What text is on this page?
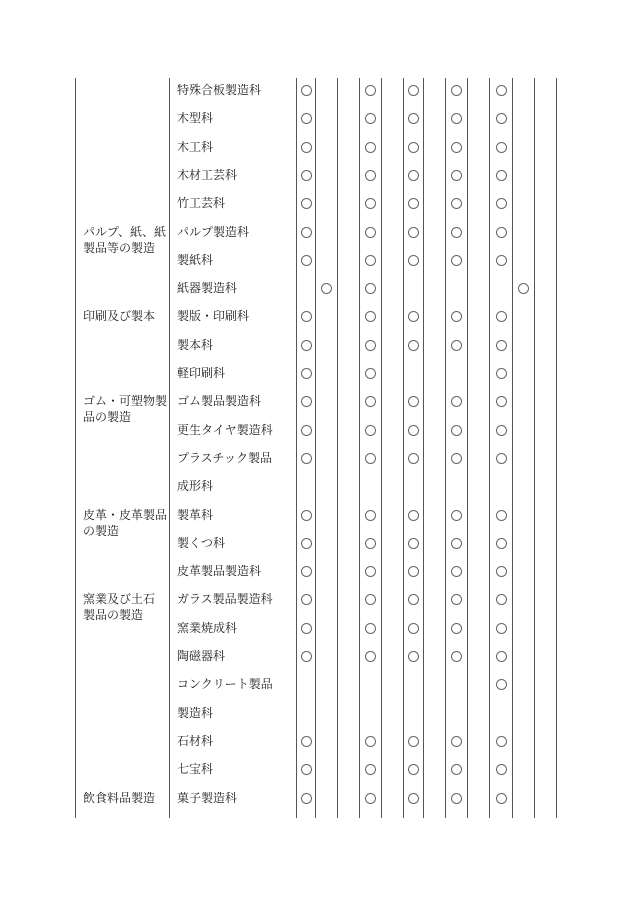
特殊合板製造科
木型科
木工科
木材工芸科
竹工芸科
パルプ製造科
製紙科
紙器製造科
製版・印刷科
製本科
軽印刷科
ゴム製品製造科
更生タイヤ製造科
プラスチック製品
成形科
製革科
製くつ科
皮革製品製造科
ガラス製品製造科
窯業焼成科
陶磁器科
コンクリート製品
製造科
石材科
七宝科
菓子製造科
パルプ、紙、紙
製品等の製造
印刷及び製本
ゴム・可塑物製
品の製造
皮革・皮革製品
の製造
窯業及び土石
製品の製造
飲食料品製造
